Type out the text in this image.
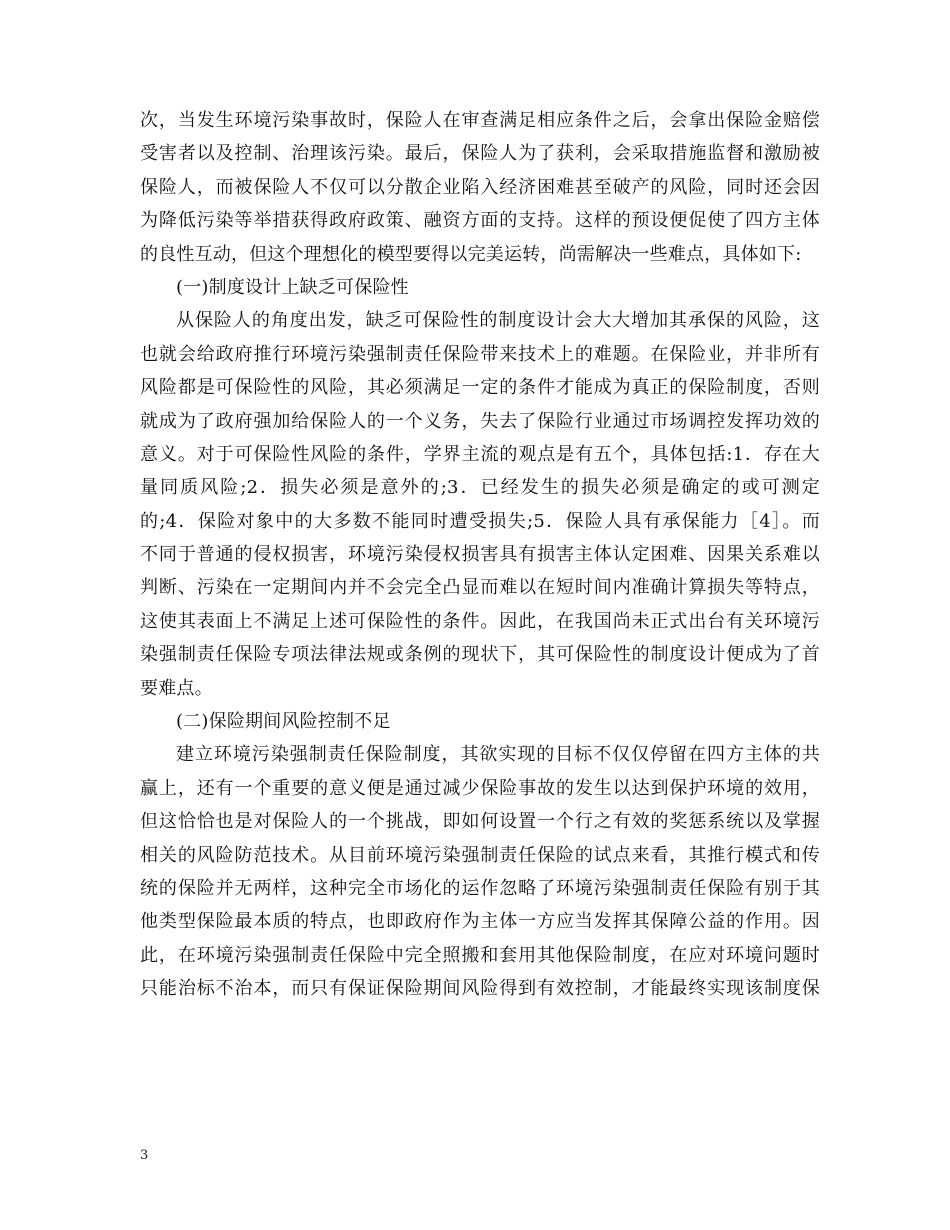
次，当发生环境污染事故时，保险人在审查满足相应条件之后，会拿出保险金赔偿
受害者以及控制、治理该污染。最后，保险人为了获利，会采取措施监督和激励被
保险人，而被保险人不仅可以分散企业陷入经济困难甚至破产的风险，同时还会因
为降低污染等举措获得政府政策、融资方面的支持。这样的预设便促使了四方主体
的良性互动，但这个理想化的模型要得以完美运转，尚需解决一些难点，具体如下:
(一)制度设计上缺乏可保险性
从保险人的角度出发，缺乏可保险性的制度设计会大大增加其承保的风险，这
也就会给政府推行环境污染强制责任保险带来技术上的难题。在保险业，并非所有
风险都是可保险性的风险，其必须满足一定的条件才能成为真正的保险制度，否则
就成为了政府强加给保险人的一个义务，失去了保险行业通过市场调控发挥功效的
意义。对于可保险性风险的条件，学界主流的观点是有五个，具体包括:1．存在大
量同质风险;2．损失必须是意外的;3．已经发生的损失必须是确定的或可测定
的;4．保险对象中的大多数不能同时遭受损失;5．保险人具有承保能力［4］。而
不同于普通的侵权损害，环境污染侵权损害具有损害主体认定困难、因果关系难以
判断、污染在一定期间内并不会完全凸显而难以在短时间内准确计算损失等特点，
这使其表面上不满足上述可保险性的条件。因此，在我国尚未正式出台有关环境污
染强制责任保险专项法律法规或条例的现状下，其可保险性的制度设计便成为了首
要难点。
(二)保险期间风险控制不足
建立环境污染强制责任保险制度，其欲实现的目标不仅仅停留在四方主体的共
赢上，还有一个重要的意义便是通过减少保险事故的发生以达到保护环境的效用，
但这恰恰也是对保险人的一个挑战，即如何设置一个行之有效的奖惩系统以及掌握
相关的风险防范技术。从目前环境污染强制责任保险的试点来看，其推行模式和传
统的保险并无两样，这种完全市场化的运作忽略了环境污染强制责任保险有别于其
他类型保险最本质的特点，也即政府作为主体一方应当发挥其保障公益的作用。因
此，在环境污染强制责任保险中完全照搬和套用其他保险制度，在应对环境问题时
只能治标不治本，而只有保证保险期间风险得到有效控制，才能最终实现该制度保
3
